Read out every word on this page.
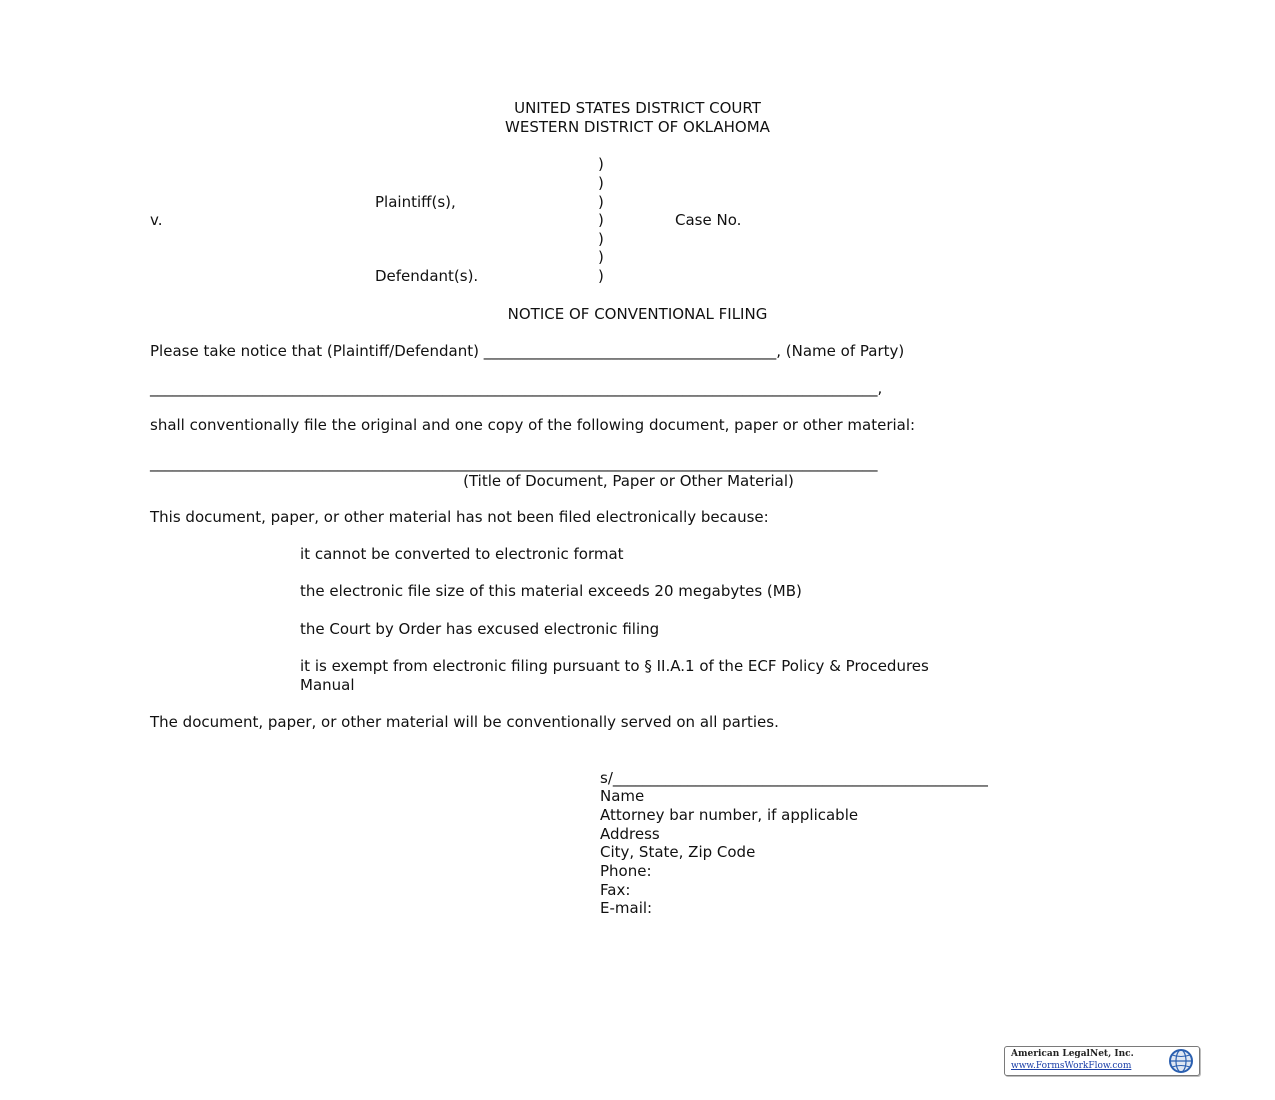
UNITED STATES DISTRICT COURT
WESTERN DISTRICT OF OKLAHOMA
)
)
)
)
)
)
)
Plaintiff(s),
v.	Case No.
Defendant(s).
NOTICE OF CONVENTIONAL FILING
Please take notice that (Plaintiff/Defendant) _______________________________________, (Name of Party)
_________________________________________________________________________________________________,
shall conventionally file the original and one copy of the following document, paper or other material:
_________________________________________________________________________________________________
(Title of Document, Paper or Other Material)
This document, paper, or other material has not been filed electronically because:
it cannot be converted to electronic format
the electronic file size of this material exceeds 20 megabytes (MB)
the Court by Order has excused electronic filing
it is exempt from electronic filing pursuant to § II.A.1 of the ECF Policy & Procedures
Manual
The document, paper, or other material will be conventionally served on all parties.
s/__________________________________________________
Name
Attorney bar number, if applicable
Address
City, State, Zip Code
Phone:
Fax:
E-mail:
American LegalNet, Inc.
www.FormsWorkFlow.com
